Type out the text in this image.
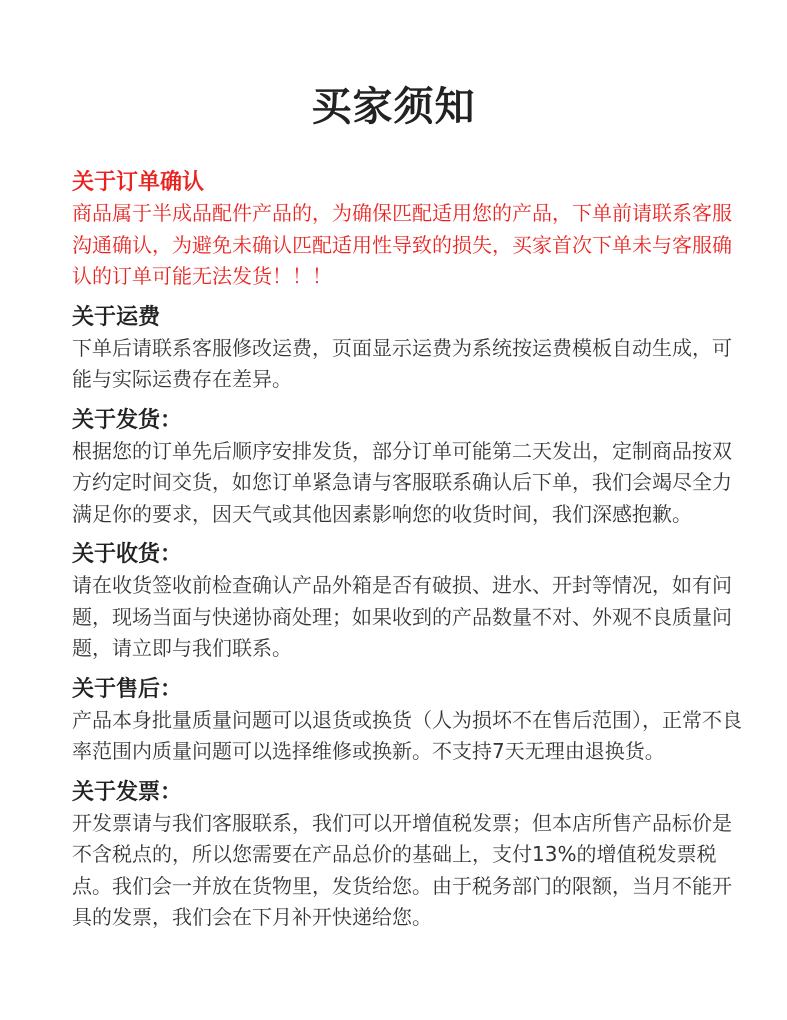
买家须知
关于订单确认
商品属于半成品配件产品的，为确保匹配适用您的产品，下单前请联系客服沟通确认，为避免未确认匹配适用性导致的损失，买家首次下单未与客服确认的订单可能无法发货！！！
关于运费
下单后请联系客服修改运费，页面显示运费为系统按运费模板自动生成，可能与实际运费存在差异。
关于发货：
根据您的订单先后顺序安排发货，部分订单可能第二天发出，定制商品按双方约定时间交货，如您订单紧急请与客服联系确认后下单，我们会竭尽全力满足你的要求，因天气或其他因素影响您的收货时间，我们深感抱歉。
关于收货：
请在收货签收前检查确认产品外箱是否有破损、进水、开封等情况，如有问题，现场当面与快递协商处理；如果收到的产品数量不对、外观不良质量问题，请立即与我们联系。
关于售后：
产品本身批量质量问题可以退货或换货（人为损坏不在售后范围），正常不良率范围内质量问题可以选择维修或换新。不支持7天无理由退换货。
关于发票：
开发票请与我们客服联系，我们可以开增值税发票；但本店所售产品标价是不含税点的，所以您需要在产品总价的基础上，支付13%的增值税发票税点。我们会一并放在货物里，发货给您。由于税务部门的限额，当月不能开具的发票，我们会在下月补开快递给您。
